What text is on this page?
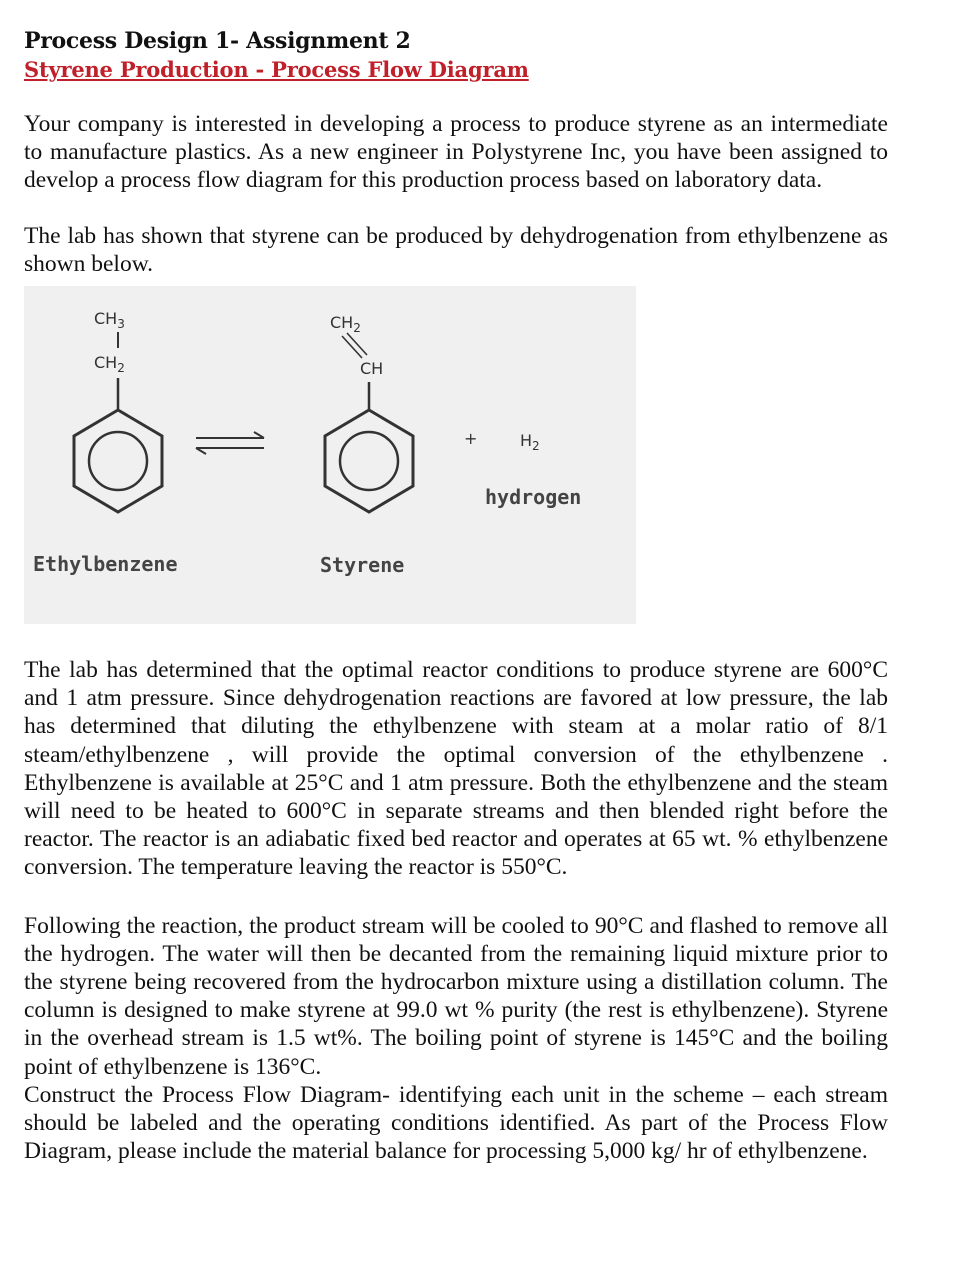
Process Design 1- Assignment 2
Styrene Production - Process Flow Diagram

Your company is interested in developing a process to produce styrene as an intermediate to manufacture plastics. As a new engineer in Polystyrene Inc, you have been assigned to develop a process flow diagram for this production process based on laboratory data.

The lab has shown that styrene can be produced by dehydrogenation from ethylbenzene as shown below.

$CH_3$
$CH_2$
$CH_2$
CH
+	$H_2$
hydrogen
Ethylbenzene	Styrene

The lab has determined that the optimal reactor conditions to produce styrene are 600°C and 1 atm pressure. Since dehydrogenation reactions are favored at low pressure, the lab has determined that diluting the ethylbenzene with steam at a molar ratio of 8/1 steam/ethylbenzene , will provide the optimal conversion of the ethylbenzene . Ethylbenzene is available at 25°C and 1 atm pressure. Both the ethylbenzene and the steam will need to be heated to 600°C in separate streams and then blended right before the reactor. The reactor is an adiabatic fixed bed reactor and operates at 65 wt. % ethylbenzene conversion. The temperature leaving the reactor is 550°C.

Following the reaction, the product stream will be cooled to 90°C and flashed to remove all the hydrogen. The water will then be decanted from the remaining liquid mixture prior to the styrene being recovered from the hydrocarbon mixture using a distillation column. The column is designed to make styrene at 99.0 wt % purity (the rest is ethylbenzene). Styrene in the overhead stream is 1.5 wt%. The boiling point of styrene is 145°C and the boiling point of ethylbenzene is 136°C.

Construct the Process Flow Diagram- identifying each unit in the scheme – each stream should be labeled and the operating conditions identified. As part of the Process Flow Diagram, please include the material balance for processing 5,000 kg/ hr of ethylbenzene.
